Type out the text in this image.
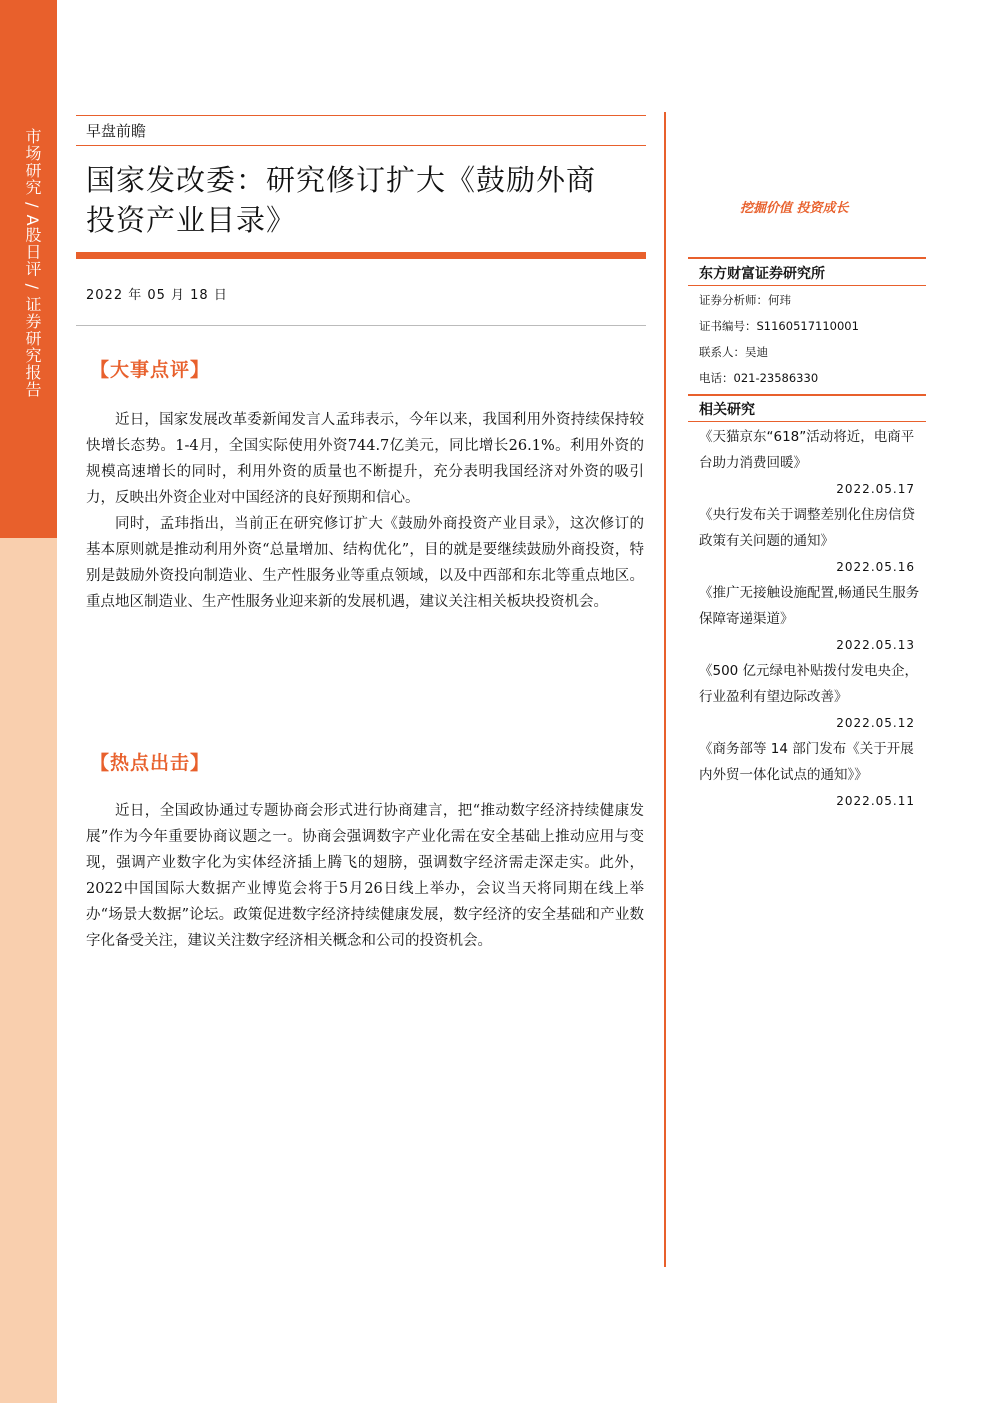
市场研究 / A股日评 / 证券研究报告	早盘前瞻
国家发改委：研究修订扩大《鼓励外商
投资产业目录》
2022 年 05 月 18 日
【大事点评】

近日，国家发展改革委新闻发言人孟玮表示，今年以来，我国利用外资持续保持较快增长态势。1-4月，全国实际使用外资744.7亿美元，同比增长26.1%。利用外资的规模高速增长的同时，利用外资的质量也不断提升，充分表明我国经济对外资的吸引力，反映出外资企业对中国经济的良好预期和信心。

同时，孟玮指出，当前正在研究修订扩大《鼓励外商投资产业目录》，这次修订的基本原则就是推动利用外资“总量增加、结构优化”，目的就是要继续鼓励外商投资，特别是鼓励外资投向制造业、生产性服务业等重点领域，以及中西部和东北等重点地区。重点地区制造业、生产性服务业迎来新的发展机遇，建议关注相关板块投资机会。

【热点出击】

近日，全国政协通过专题协商会形式进行协商建言，把“推动数字经济持续健康发展”作为今年重要协商议题之一。协商会强调数字产业化需在安全基础上推动应用与变现，强调产业数字化为实体经济插上腾飞的翅膀，强调数字经济需走深走实。此外，2022中国国际大数据产业博览会将于5月26日线上举办，会议当天将同期在线上举办“场景大数据”论坛。政策促进数字经济持续健康发展，数字经济的安全基础和产业数字化备受关注，建议关注数字经济相关概念和公司的投资机会。

挖掘价值 投资成长
东方财富证券研究所
证券分析师：何玮
证书编号：S1160517110001
联系人：吴迪
电话：021-23586330
相关研究
《天猫京东“618”活动将近，电商平台助力消费回暖》
2022.05.17
《央行发布关于调整差别化住房信贷政策有关问题的通知》
2022.05.16
《推广无接触设施配置,畅通民生服务保障寄递渠道》
2022.05.13
《500 亿元绿电补贴拨付发电央企，行业盈利有望边际改善》
2022.05.12
《商务部等 14 部门发布《关于开展内外贸一体化试点的通知》》
2022.05.11
